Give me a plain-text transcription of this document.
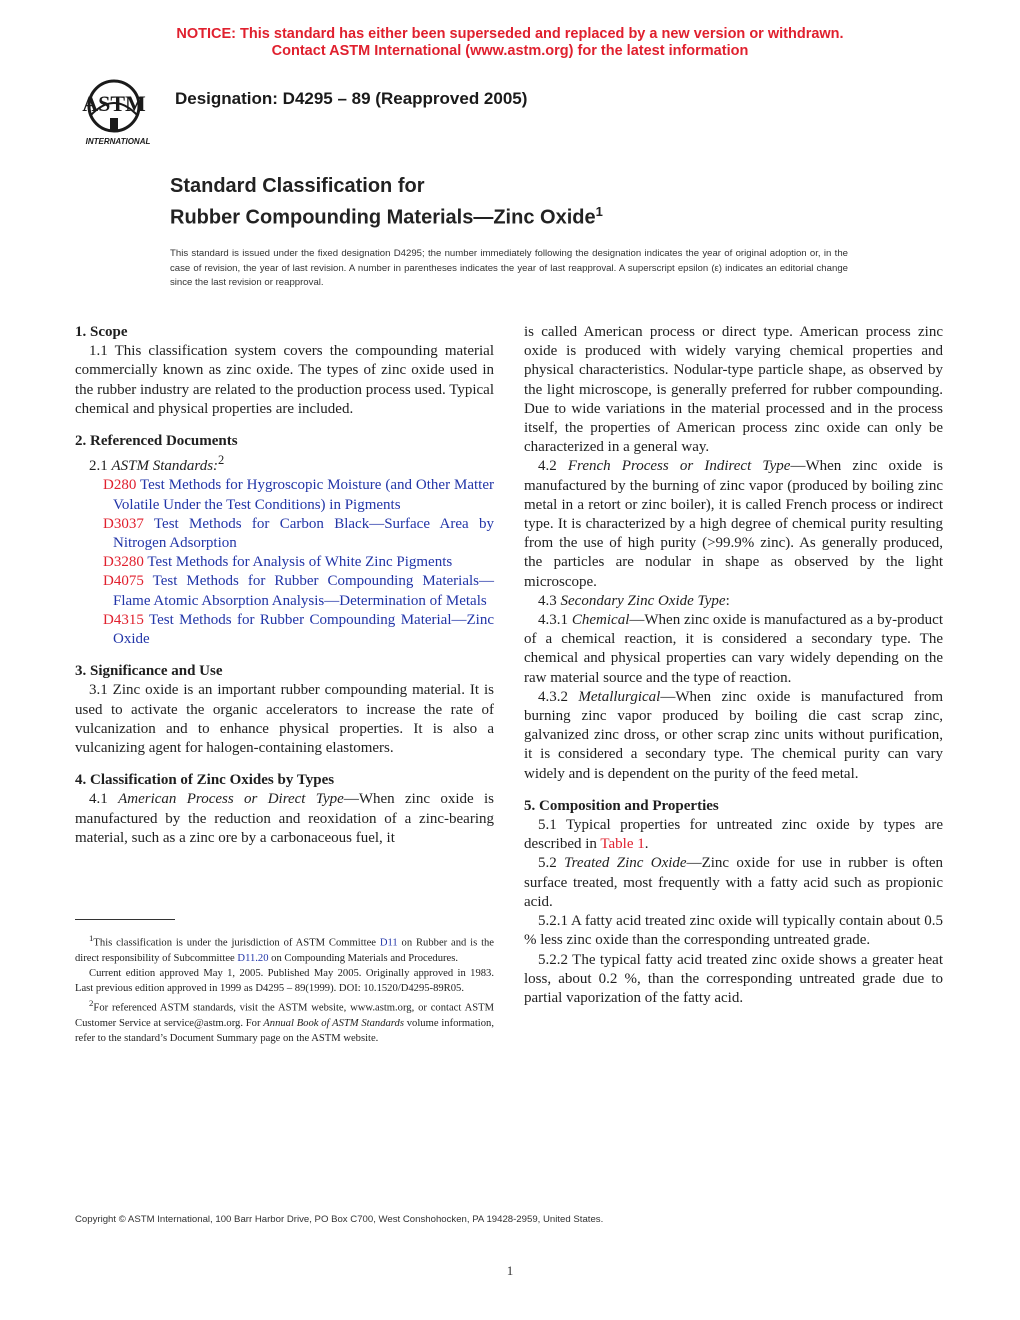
NOTICE: This standard has either been superseded and replaced by a new version or withdrawn.
Contact ASTM International (www.astm.org) for the latest information
ASTM
INTERNATIONAL
Designation: D4295 – 89 (Reapproved 2005)
Standard Classification for
Rubber Compounding Materials—Zinc Oxide$^1$
This standard is issued under the fixed designation D4295; the number immediately following the designation indicates the year of original adoption or, in the case of revision, the year of last revision. A number in parentheses indicates the year of last reapproval. A superscript epsilon (ε) indicates an editorial change since the last revision or reapproval.
1. Scope

1.1 This classification system covers the compounding material commercially known as zinc oxide. The types of zinc oxide used in the rubber industry are related to the production process used. Typical chemical and physical properties are included.

2. Referenced Documents

2.1 ASTM Standards:$^2$

D280 Test Methods for Hygroscopic Moisture (and Other Matter Volatile Under the Test Conditions) in Pigments

D3037 Test Methods for Carbon Black—Surface Area by Nitrogen Adsorption

D3280 Test Methods for Analysis of White Zinc Pigments

D4075 Test Methods for Rubber Compounding Materials—Flame Atomic Absorption Analysis—Determination of Metals

D4315 Test Methods for Rubber Compounding Material—Zinc Oxide

3. Significance and Use

3.1 Zinc oxide is an important rubber compounding material. It is used to activate the organic accelerators to increase the rate of vulcanization and to enhance physical properties. It is also a vulcanizing agent for halogen-containing elastomers.

4. Classification of Zinc Oxides by Types

4.1 American Process or Direct Type—When zinc oxide is manufactured by the reduction and reoxidation of a zinc-bearing material, such as a zinc ore by a carbonaceous fuel, it

$^1$This classification is under the jurisdiction of ASTM Committee D11 on Rubber and is the direct responsibility of Subcommittee D11.20 on Compounding Materials and Procedures.

Current edition approved May 1, 2005. Published May 2005. Originally approved in 1983. Last previous edition approved in 1999 as D4295 – 89(1999). DOI: 10.1520/D4295-89R05.

$^2$For referenced ASTM standards, visit the ASTM website, www.astm.org, or contact ASTM Customer Service at service@astm.org. For Annual Book of ASTM Standards volume information, refer to the standard’s Document Summary page on the ASTM website.

is called American process or direct type. American process zinc oxide is produced with widely varying chemical properties and physical characteristics. Nodular-type particle shape, as observed by the light microscope, is generally preferred for rubber compounding. Due to wide variations in the material processed and in the process itself, the properties of American process zinc oxide can only be characterized in a general way.

4.2 French Process or Indirect Type—When zinc oxide is manufactured by the burning of zinc vapor (produced by boiling zinc metal in a retort or zinc boiler), it is called French process or indirect type. It is characterized by a high degree of chemical purity resulting from the use of high purity (>99.9% zinc). As generally produced, the particles are nodular in shape as observed by the light microscope.

4.3 Secondary Zinc Oxide Type:

4.3.1 Chemical—When zinc oxide is manufactured as a by-product of a chemical reaction, it is considered a secondary type. The chemical and physical properties can vary widely depending on the raw material source and the type of reaction.

4.3.2 Metallurgical—When zinc oxide is manufactured from burning zinc vapor produced by boiling die cast scrap zinc, galvanized zinc dross, or other scrap zinc units without purification, it is considered a secondary type. The chemical purity can vary widely and is dependent on the purity of the feed metal.

5. Composition and Properties

5.1 Typical properties for untreated zinc oxide by types are described in Table 1.

5.2 Treated Zinc Oxide—Zinc oxide for use in rubber is often surface treated, most frequently with a fatty acid such as propionic acid.

5.2.1 A fatty acid treated zinc oxide will typically contain about 0.5 % less zinc oxide than the corresponding untreated grade.

5.2.2 The typical fatty acid treated zinc oxide shows a greater heat loss, about 0.2 %, than the corresponding untreated grade due to partial vaporization of the fatty acid.

Copyright © ASTM International, 100 Barr Harbor Drive, PO Box C700, West Conshohocken, PA 19428-2959, United States.
1
